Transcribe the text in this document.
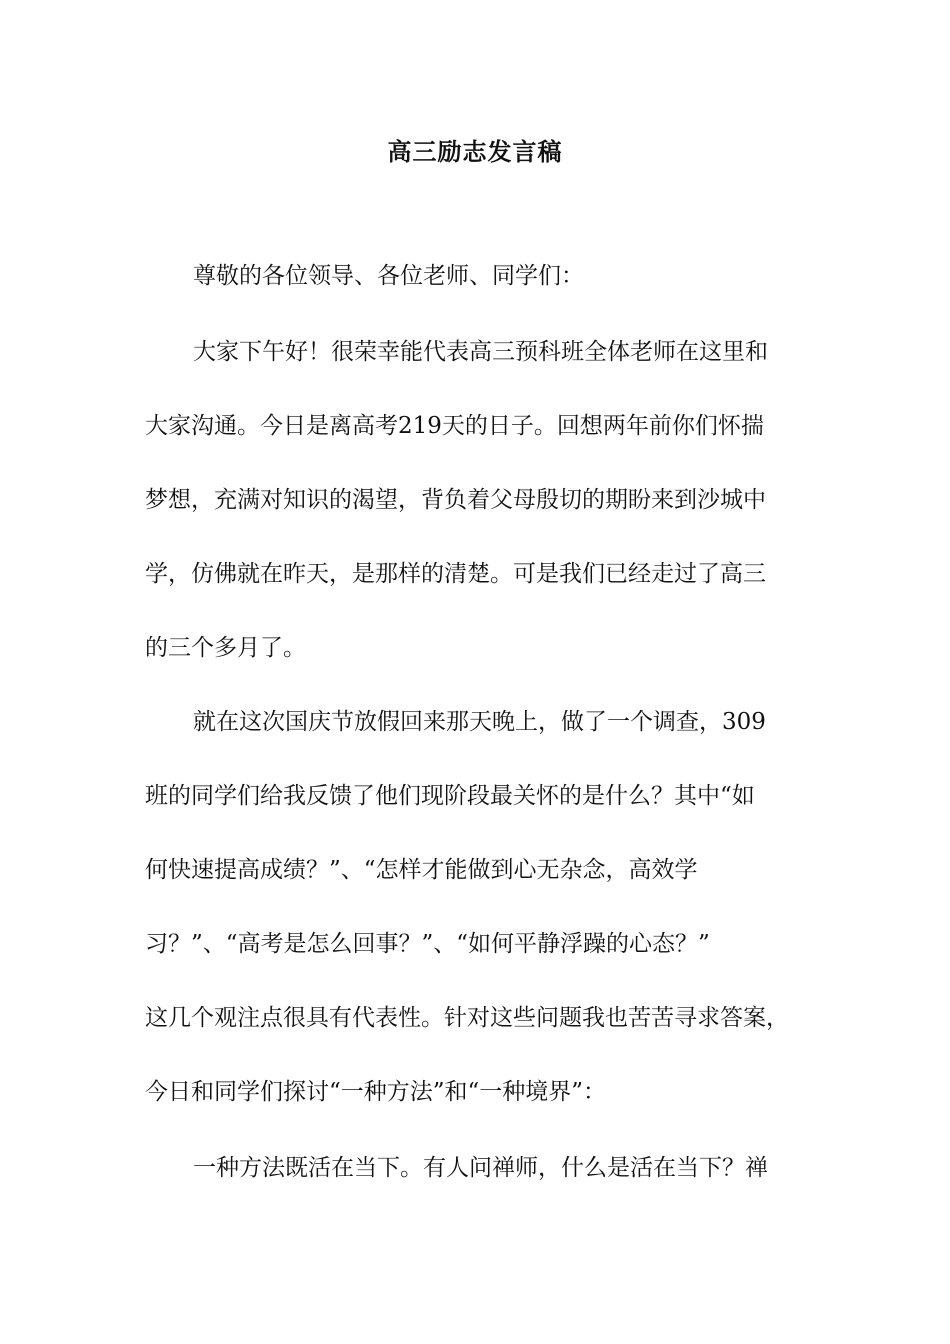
高三励志发言稿
尊敬的各位领导、各位老师、同学们：
大家下午好！很荣幸能代表高三预科班全体老师在这里和
大家沟通。今日是离高考219天的日子。回想两年前你们怀揣
梦想，充满对知识的渴望，背负着父母殷切的期盼来到沙城中
学，仿佛就在昨天，是那样的清楚。可是我们已经走过了高三
的三个多月了。
就在这次国庆节放假回来那天晚上，做了一个调查，309
班的同学们给我反馈了他们现阶段最关怀的是什么？其中“如
何快速提高成绩？”、“怎样才能做到心无杂念，高效学
习？”、“高考是怎么回事？”、“如何平静浮躁的心态？”
这几个观注点很具有代表性。针对这些问题我也苦苦寻求答案，
今日和同学们探讨“一种方法”和“一种境界”：
一种方法既活在当下。有人问禅师，什么是活在当下？禅
